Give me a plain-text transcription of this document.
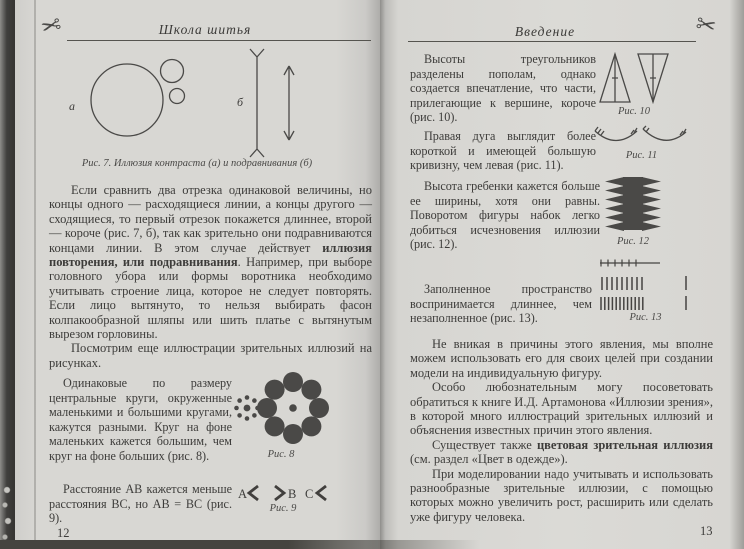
Школа шитья
✂
а	б
Рис. 7. Иллюзия контраста (а) и подравнивания (б)

Если сравнить два отрезка одинаковой величины, но концы одного — расходящиеся линии, а концы другого — сходящиеся, то первый отрезок покажется длиннее, второй — короче (рис. 7, б), так как зрительно они подравниваются концами линии. В этом случае действует иллюзия повторения, или подравнивания. Например, при выборе головного убора или формы воротника необходимо учитывать строение лица, которое не следует повторять. Если лицо вытянуто, то нельзя выбирать фасон колпакообразной шляпы или шить платье с вытянутым вырезом горловины.

Посмотрим еще иллюстрации зрительных иллюзий на рисунках.

Одинаковые по размеру центральные круги, окруженные маленькими и большими кругами, кажутся разными. Круг на фоне маленьких кажется большим, чем круг на фоне больших (рис. 8).	Рис. 8

Расстояние АВ кажется меньше расстояния ВС, но АВ = ВС (рис. 9).

А	В С
Рис. 9
12
Введение	✂

Высоты треугольников разделены пополам, однако создается впечатление, что части, прилегающие к вершине, короче (рис. 10).	Рис. 10

Правая дуга выглядит более короткой и имеющей большую кривизну, чем левая (рис. 11).

Рис. 11

Высота гребенки кажется больше ее ширины, хотя они равны. Поворотом фигуры набок легко добиться исчезновения иллюзии (рис. 12).	Рис. 12

Заполненное пространство воспринимается длиннее, чем незаполненное (рис. 13).	Рис. 13

Не вникая в причины этого явления, мы вполне можем использовать его для своих целей при создании модели на индивидуальную фигуру.

Особо любознательным могу посоветовать обратиться к книге И.Д. Артамонова «Иллюзии зрения», в которой много иллюстраций зрительных иллюзий и объяснения известных причин этого явления.

Существует также цветовая зрительная иллюзия (см. раздел «Цвет в одежде»).

При моделировании надо учитывать и использовать разнообразные зрительные иллюзии, с помощью которых можно увеличить рост, расширить или сделать уже фигуру человека.

13
